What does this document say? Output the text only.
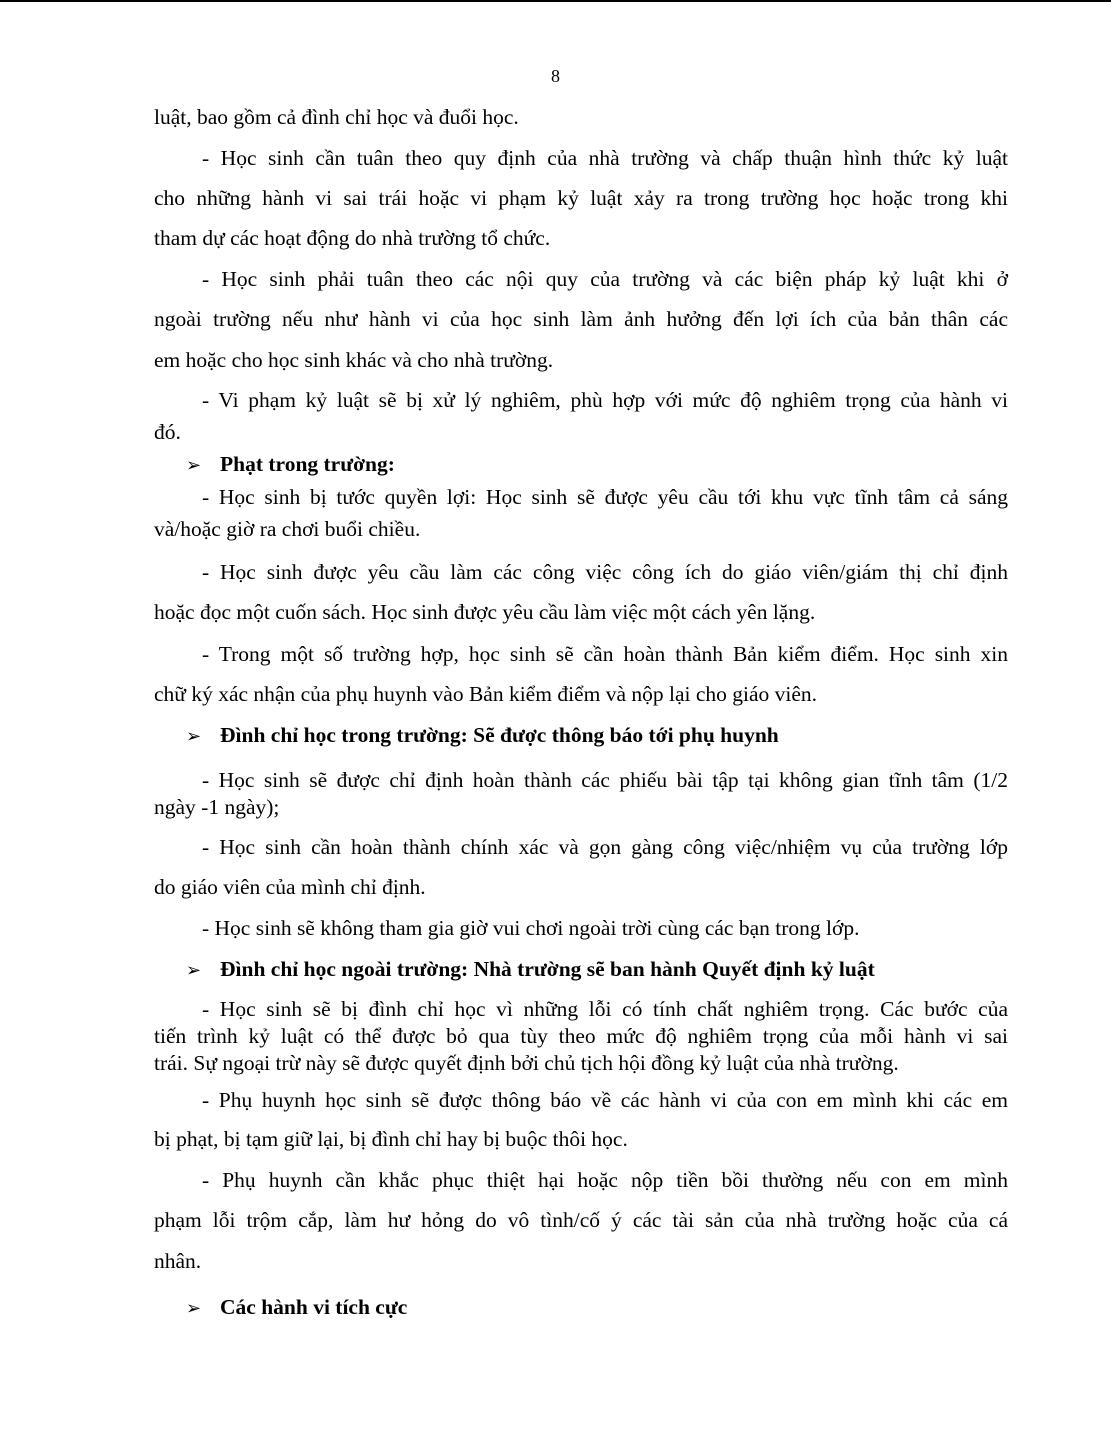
8
luật, bao gồm cả đình chỉ học và đuổi học.
- Học sinh cần tuân theo quy định của nhà trường và chấp thuận hình thức kỷ luật
cho những hành vi sai trái hoặc vi phạm kỷ luật xảy ra trong trường học hoặc trong khi
tham dự các hoạt động do nhà trường tổ chức.
- Học sinh phải tuân theo các nội quy của trường và các biện pháp kỷ luật khi ở
ngoài trường nếu như hành vi của học sinh làm ảnh hưởng đến lợi ích của bản thân các
em hoặc cho học sinh khác và cho nhà trường.
- Vi phạm kỷ luật sẽ bị xử lý nghiêm, phù hợp với mức độ nghiêm trọng của hành vi
đó.
➢ Phạt trong trường:
- Học sinh bị tước quyền lợi: Học sinh sẽ được yêu cầu tới khu vực tĩnh tâm cả sáng
và/hoặc giờ ra chơi buổi chiều.
- Học sinh được yêu cầu làm các công việc công ích do giáo viên/giám thị chỉ định
hoặc đọc một cuốn sách. Học sinh được yêu cầu làm việc một cách yên lặng.
- Trong một số trường hợp, học sinh sẽ cần hoàn thành Bản kiểm điểm. Học sinh xin
chữ ký xác nhận của phụ huynh vào Bản kiểm điểm và nộp lại cho giáo viên.
➢ Đình chỉ học trong trường: Sẽ được thông báo tới phụ huynh
- Học sinh sẽ được chỉ định hoàn thành các phiếu bài tập tại không gian tĩnh tâm (1/2
ngày -1 ngày);
- Học sinh cần hoàn thành chính xác và gọn gàng công việc/nhiệm vụ của trường lớp
do giáo viên của mình chỉ định.
- Học sinh sẽ không tham gia giờ vui chơi ngoài trời cùng các bạn trong lớp.
➢ Đình chỉ học ngoài trường: Nhà trường sẽ ban hành Quyết định kỷ luật
- Học sinh sẽ bị đình chỉ học vì những lỗi có tính chất nghiêm trọng. Các bước của
tiến trình kỷ luật có thể được bỏ qua tùy theo mức độ nghiêm trọng của mỗi hành vi sai
trái. Sự ngoại trừ này sẽ được quyết định bởi chủ tịch hội đồng kỷ luật của nhà trường.
- Phụ huynh học sinh sẽ được thông báo về các hành vi của con em mình khi các em
bị phạt, bị tạm giữ lại, bị đình chỉ hay bị buộc thôi học.
- Phụ huynh cần khắc phục thiệt hại hoặc nộp tiền bồi thường nếu con em mình
phạm lỗi trộm cắp, làm hư hỏng do vô tình/cố ý các tài sản của nhà trường hoặc của cá
nhân.
➢ Các hành vi tích cực
